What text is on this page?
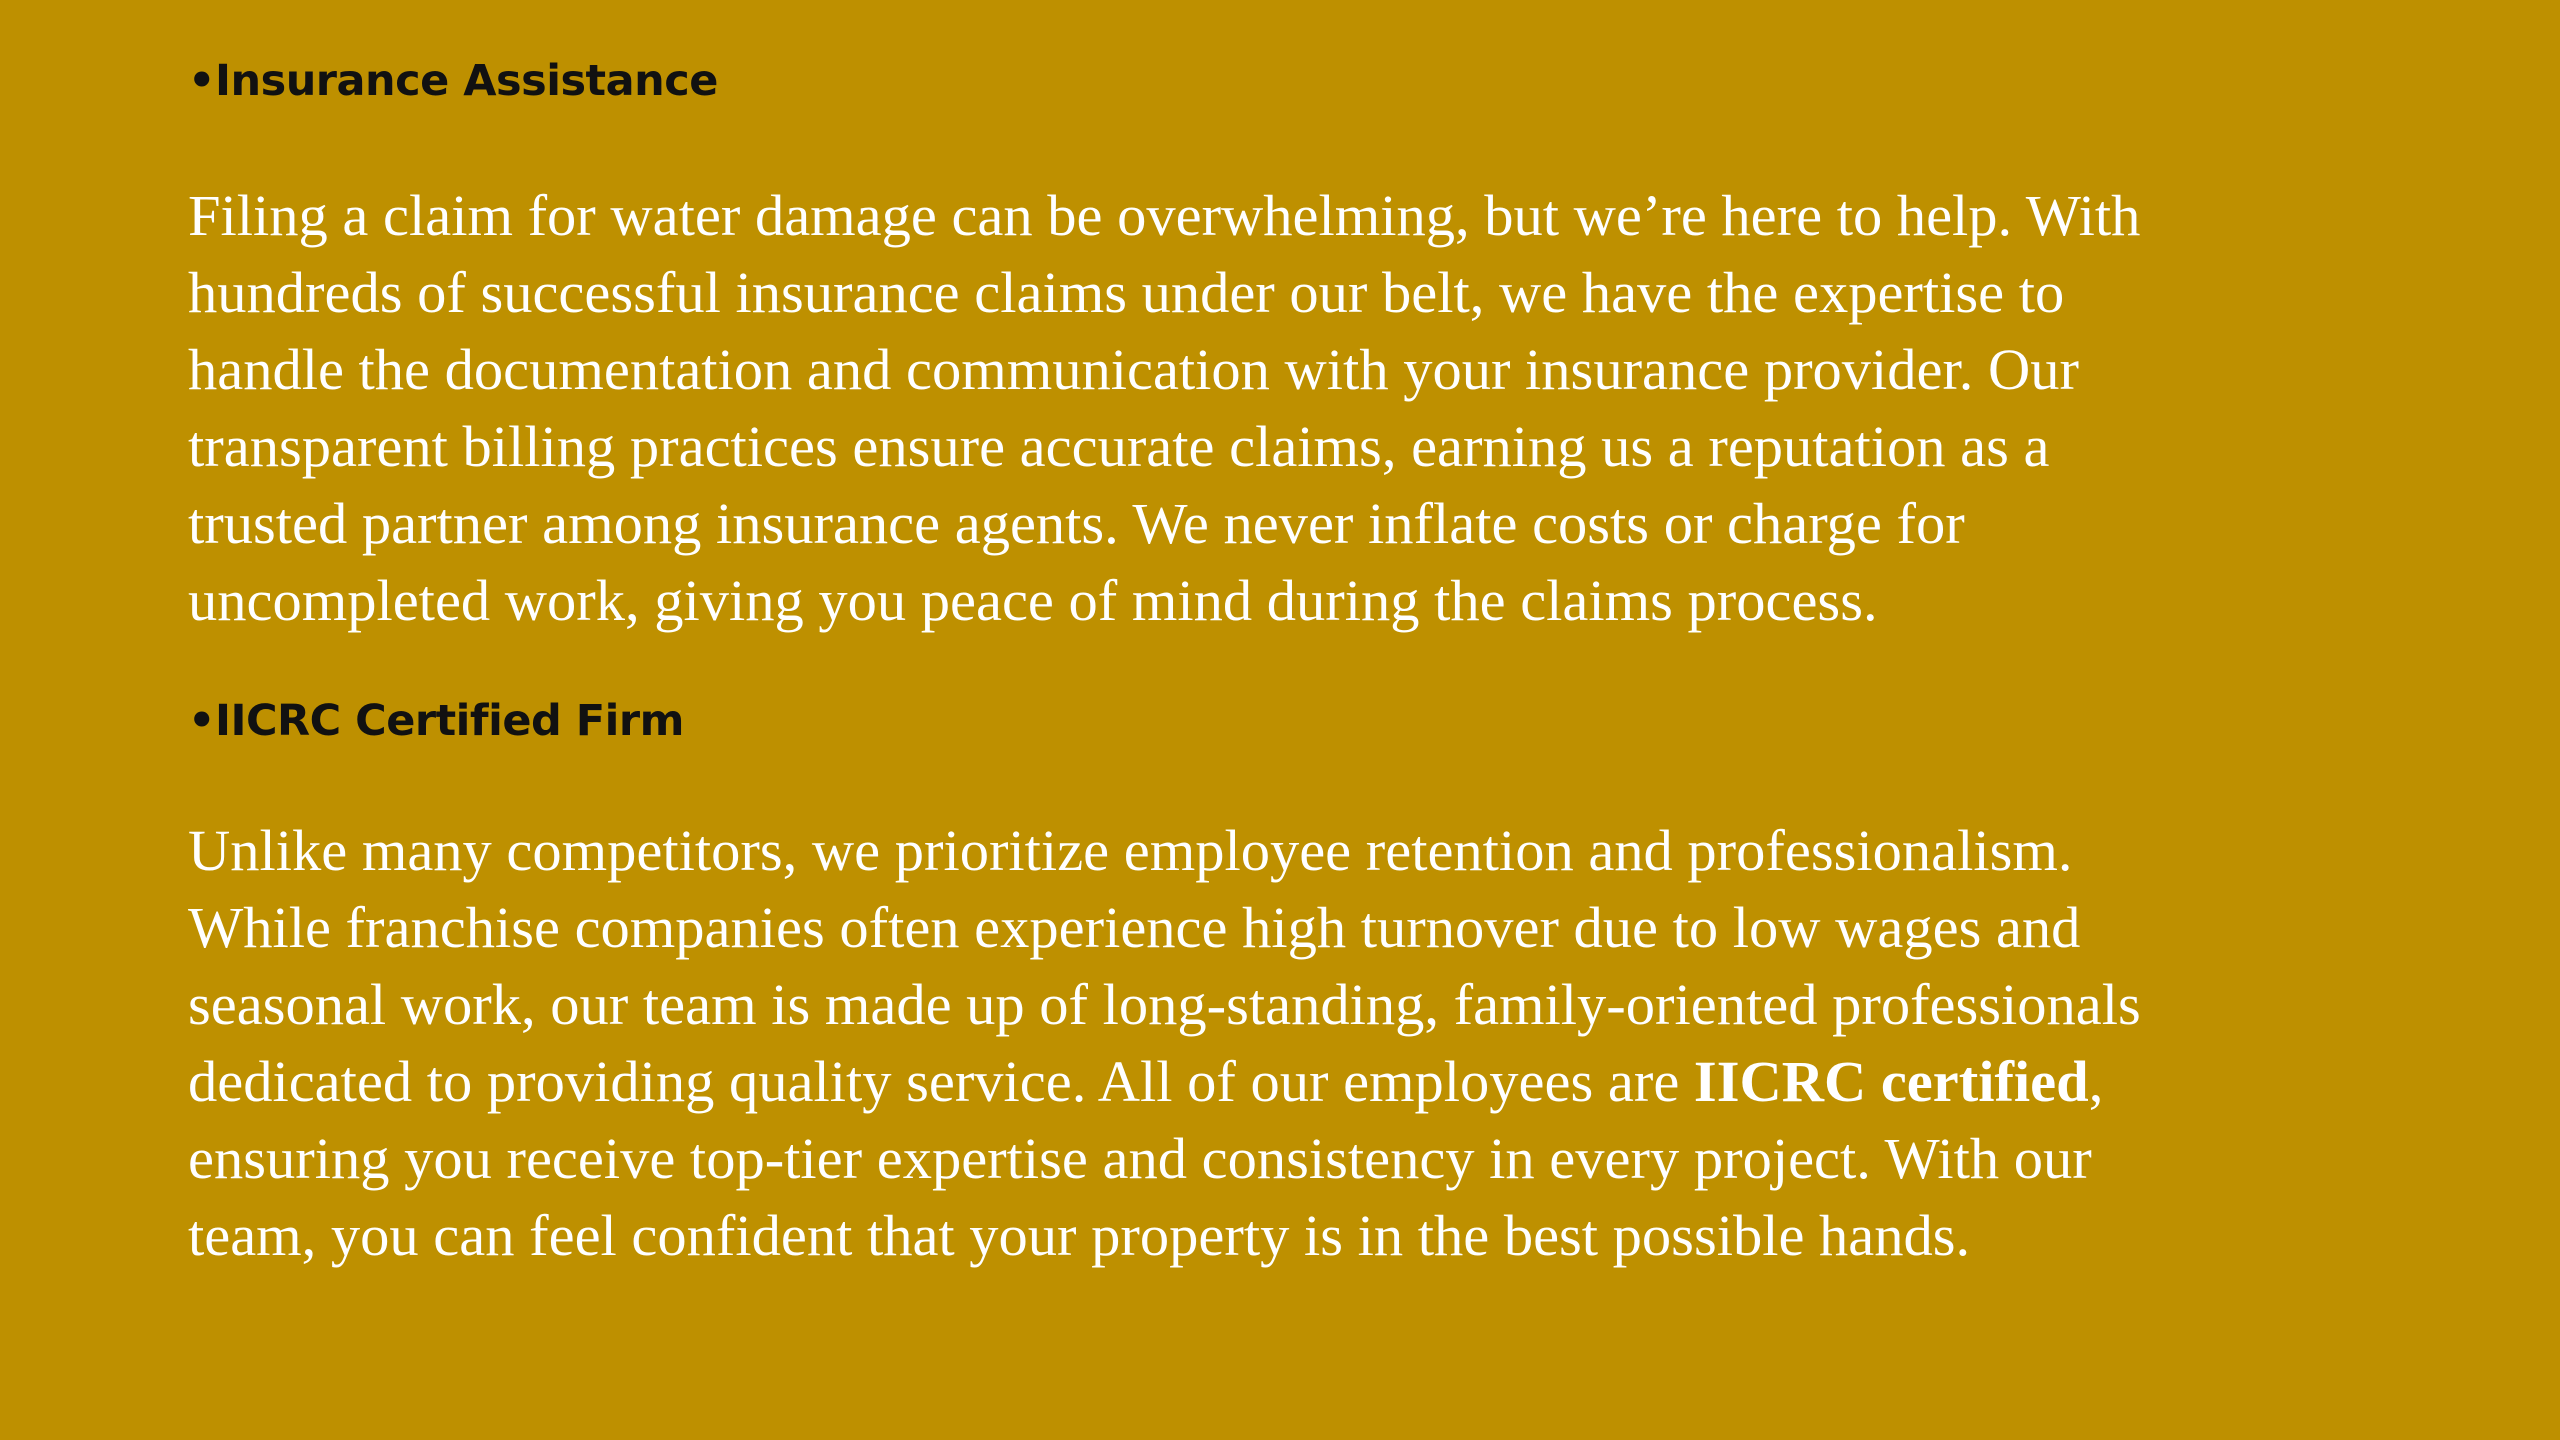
•Insurance Assistance

Filing a claim for water damage can be overwhelming, but we’re here to help. With
hundreds of successful insurance claims under our belt, we have the expertise to
handle the documentation and communication with your insurance provider. Our
transparent billing practices ensure accurate claims, earning us a reputation as a
trusted partner among insurance agents. We never inflate costs or charge for
uncompleted work, giving you peace of mind during the claims process.

•IICRC Certified Firm

Unlike many competitors, we prioritize employee retention and professionalism.
While franchise companies often experience high turnover due to low wages and
seasonal work, our team is made up of long-standing, family-oriented professionals
dedicated to providing quality service. All of our employees are IICRC certified,
ensuring you receive top-tier expertise and consistency in every project. With our
team, you can feel confident that your property is in the best possible hands.
